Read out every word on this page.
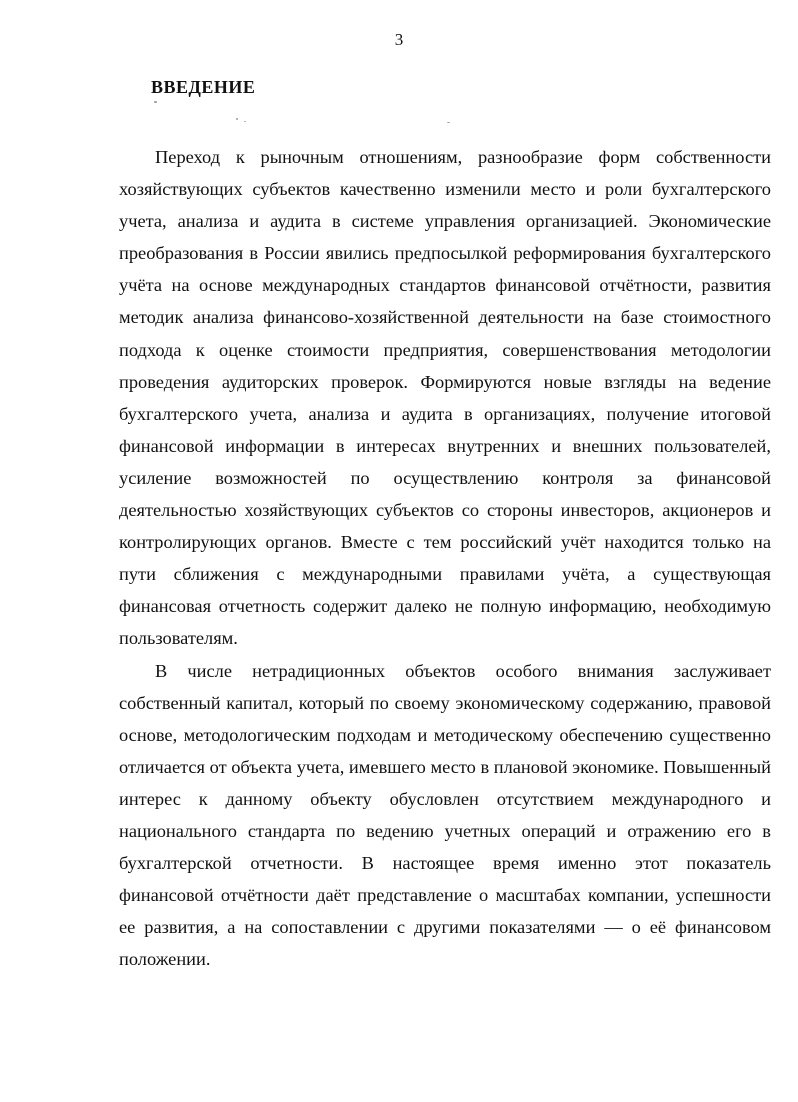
3
ВВЕДЕНИЕ

Переход к рыночным отношениям, разнообразие форм собственности хозяйствующих субъектов качественно изменили место и роли бухгалтерского учета, анализа и аудита в системе управления организацией. Экономические преобразования в России явились предпосылкой реформирования бухгалтерского учёта на основе международных стандартов финансовой отчётности, развития методик анализа финансово-хозяйственной деятельности на базе стоимостного подхода к оценке стоимости предприятия, совершенствования методологии проведения аудиторских проверок. Формируются новые взгляды на ведение бухгалтерского учета, анализа и аудита в организациях, получение итоговой финансовой информации в интересах внутренних и внешних пользователей, усиление возможностей по осуществлению контроля за финансовой деятельностью хозяйствующих субъектов со стороны инвесторов, акционеров и контролирующих органов. Вместе с тем российский учёт находится только на пути сближения с международными правилами учёта, а существующая финансовая отчетность содержит далеко не полную информацию, необходимую пользователям.

В числе нетрадиционных объектов особого внимания заслуживает собственный капитал, который по своему экономическому содержанию, правовой основе, методологическим подходам и методическому обеспечению существенно отличается от объекта учета, имевшего место в плановой экономике. Повышенный интерес к данному объекту обусловлен отсутствием международного и национального стандарта по ведению учетных операций и отражению его в бухгалтерской отчетности. В настоящее время именно этот показатель финансовой отчётности даёт представление о масштабах компании, успешности ее развития, а на сопоставлении с другими показателями — о её финансовом положении.
